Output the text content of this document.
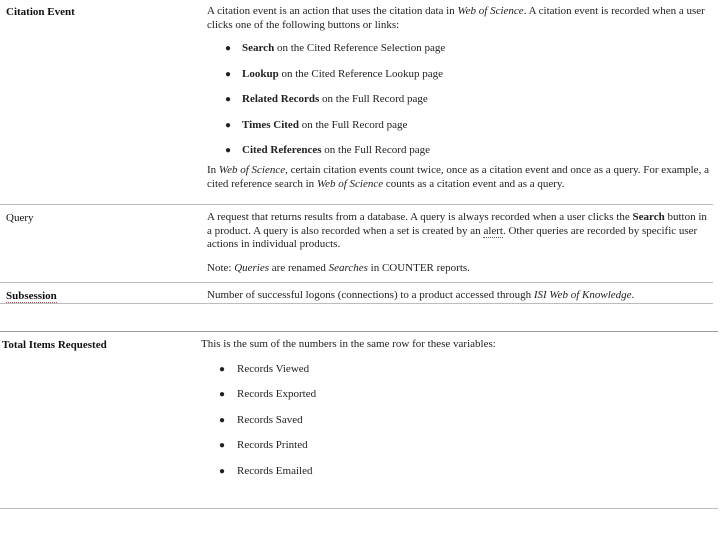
Citation Event	A citation event is an action that uses the citation data in Web of Science. A citation event is recorded when a user clicks one of the following buttons or links:

● Search on the Cited Reference Selection page
● Lookup on the Cited Reference Lookup page
● Related Records on the Full Record page
● Times Cited on the Full Record page
● Cited References on the Full Record page

In Web of Science, certain citation events count twice, once as a citation event and once as a query. For example, a cited reference search in Web of Science counts as a citation event and as a query.

Query	A request that returns results from a database. A query is always recorded when a user clicks the Search button in a product. A query is also recorded when a set is created by an alert. Other queries are recorded by specific user actions in individual products.

Note: Queries are renamed Searches in COUNTER reports.

Subsession	Number of successful logons (connections) to a product accessed through ISI Web of Knowledge.

Total Items Requested	This is the sum of the numbers in the same row for these variables:

● Records Viewed
● Records Exported
● Records Saved
● Records Printed
● Records Emailed
